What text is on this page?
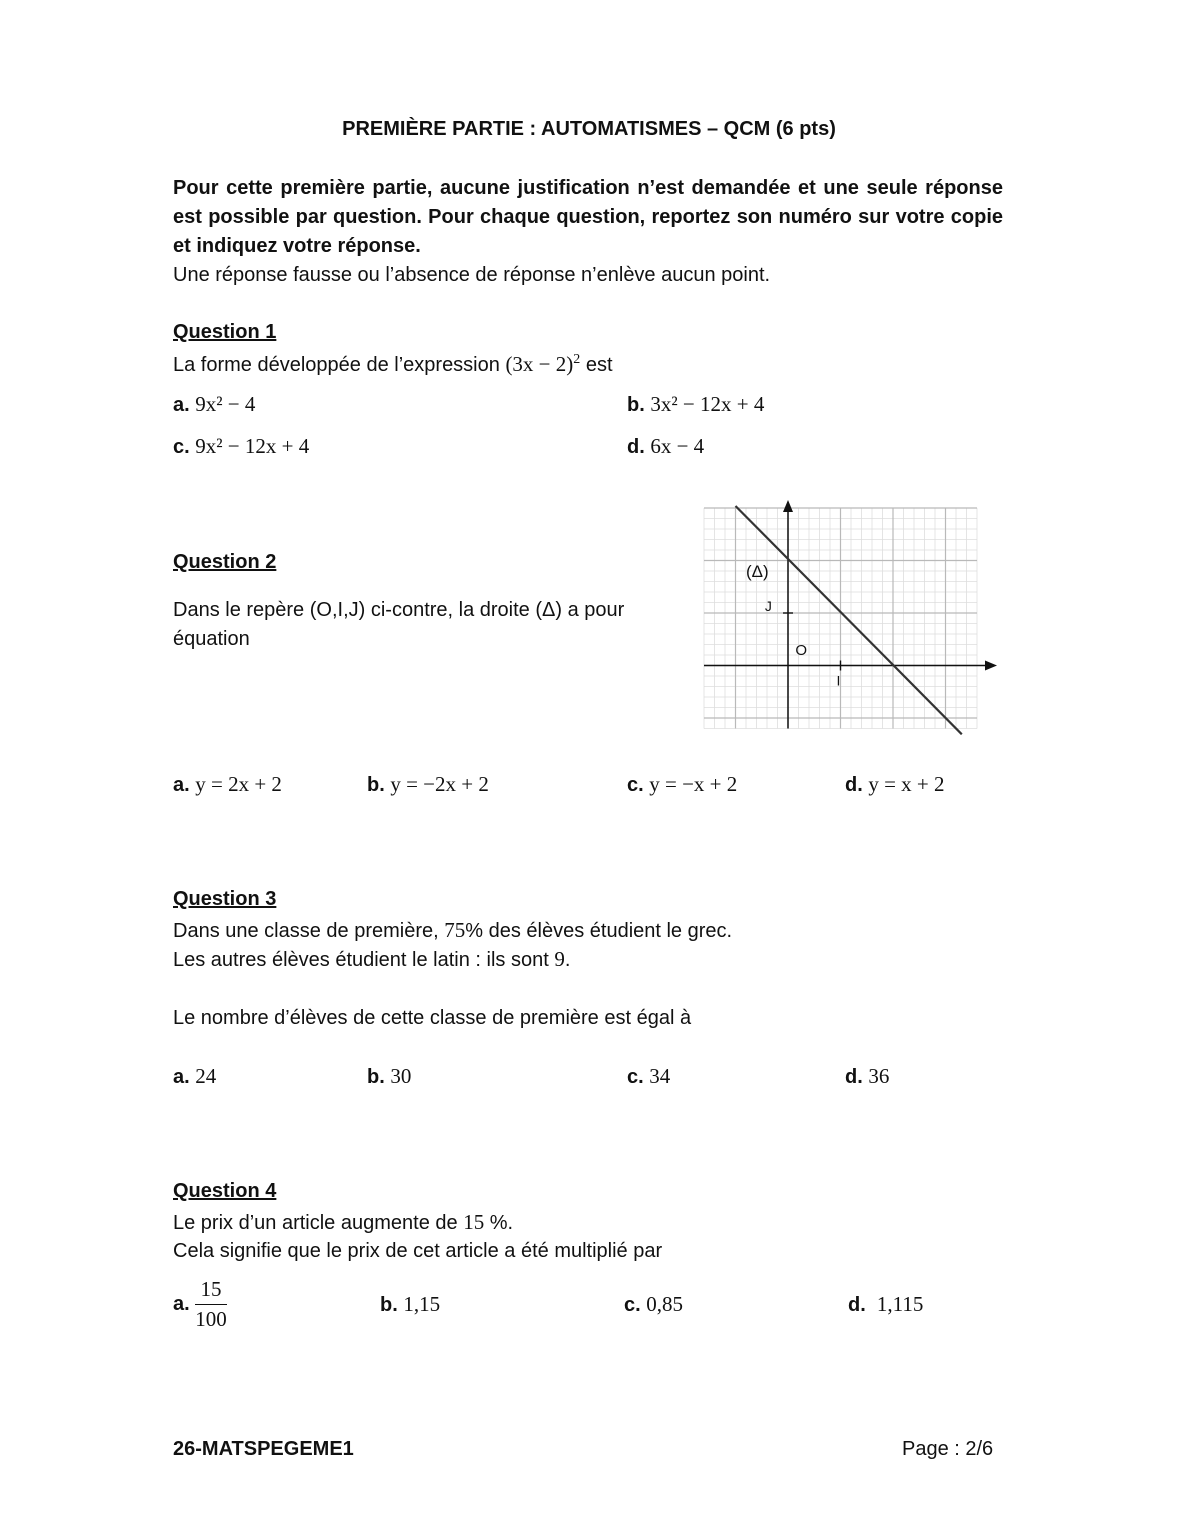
PREMIÈRE PARTIE : AUTOMATISMES – QCM (6 pts)
Pour cette première partie, aucune justification n’est demandée et une seule réponse est possible par question. Pour chaque question, reportez son numéro sur votre copie et indiquez votre réponse.
Une réponse fausse ou l’absence de réponse n’enlève aucun point.
Question 1
La forme développée de l’expression $(3x - 2)^2$ est
a. 9x² − 4	b. 3x² − 12x + 4
c. 9x² − 12x + 4	d. 6x − 4
Question 2
Dans le repère (O,I,J) ci-contre, la droite (Δ) a pour équation
(Δ)
J
O
I
a. y = 2x + 2	b. y = −2x + 2	c. y = −x + 2	d. y = x + 2
Question 3
Dans une classe de première, 75% des élèves étudient le grec.
Les autres élèves étudient le latin : ils sont 9.
Le nombre d’élèves de cette classe de première est égal à
a. 24	b. 30	c. 34	d. 36
Question 4
Le prix d’un article augmente de 15 %.
Cela signifie que le prix de cet article a été multiplié par
a. $\frac{15}{100}$	b. 1,15	c. 0,85	d. 1,115
26-MATSPEGEME1	Page : 2/6
